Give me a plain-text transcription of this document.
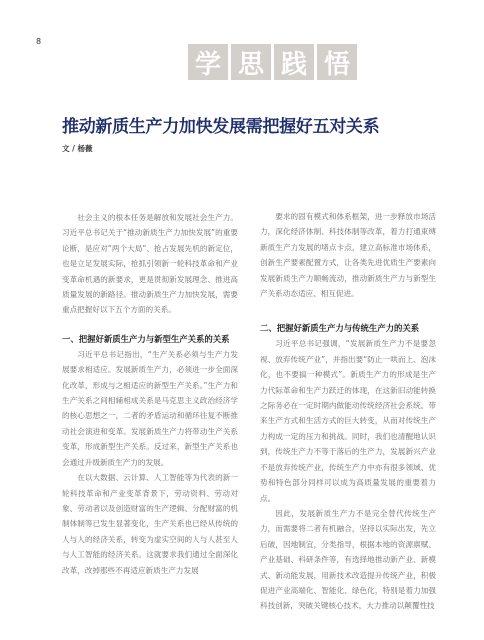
8
学 思 践 悟
推动新质生产力加快发展需把握好五对关系
文 / 杨薇

社会主义的根本任务是解放和发展社会生产力。习近平总书记关于“推动新质生产力加快发展”的重要论断，是应对“两个大局”、抢占发展先机的新定位，也是立足发展实际，抢抓引领新一轮科技革命和产业变革命机遇的新要求，更是贯彻新发展理念、推进高质量发展的新路径。推动新质生产力加快发展，需要重点把握好以下五个方面的关系。

一、把握好新质生产力与新型生产关系的关系

习近平总书记指出，“生产关系必须与生产力发展要求相适应。发展新质生产力，必须进一步全面深化改革，形成与之相适应的新型生产关系。”生产力和生产关系之间相辅相成关系是马克思主义政治经济学的核心思想之一，二者的矛盾运动和循环往复不断推动社会演进和变革。发展新质生产力将带动生产关系变革，形成新型生产关系。反过来，新型生产关系也会通过升级新质生产力的发展。

在以大数据、云计算、人工智能等为代表的新一轮科技革命和产业变革背景下，劳动资料、劳动对象、劳动者以及创造财富的生产逻辑、分配财富的机制体制等已发生显著变化，生产关系也已经从传统的人与人的经济关系，转变为虚实空间的人与人甚至人与人工智能的经济关系。这就要求我们通过全面深化改革，改掉那些不再适应新质生产力发展

要求的固有模式和体系框架，进一步释放市场活力，深化经济体制、科技体制等改革，着力打通束缚新质生产力发展的堵点卡点，建立高标准市场体系，创新生产要素配置方式，让各类先进优质生产要素向发展新质生产力顺畅流动，推动新质生产力与新型生产关系动态适应、相互促进。

二、把握好新质生产力与传统生产力的关系

习近平总书记强调，“发展新质生产力不是要忽视、放弃传统产业”，并指出要“防止一哄而上、泡沫化，也不要搞一种模式”。新质生产力的形成是生产力代际革命和生产力跃迁的体现，在这新旧动能转换之际务必在一定时期内做能动传统经济社会系统。带来生产方式和生活方式的巨大转变，从而对传统生产力构成一定的压力和挑战。同时，我们也清醒地认识到，传统生产力不等于落后的生产力，发展新兴产业不是放弃传统产业，传统生产力中亦有很多领域、优势和特色部分同样可以成为高质量发展的重要着力点。

因此，发展新质生产力不是完全替代传统生产力，而需要将二者有机融合，坚持以实际出发，先立后破，因地制宜，分类指导，根据本地的资源禀赋、产业基础、科研条件等，有选择地推动新产业、新模式、新动能发展，用新技术改造提升传统产业，积极促进产业高端化、智能化、绿色化，特别是着力加强科技创新，突破关键核心技术，大力推动以颠覆性技
